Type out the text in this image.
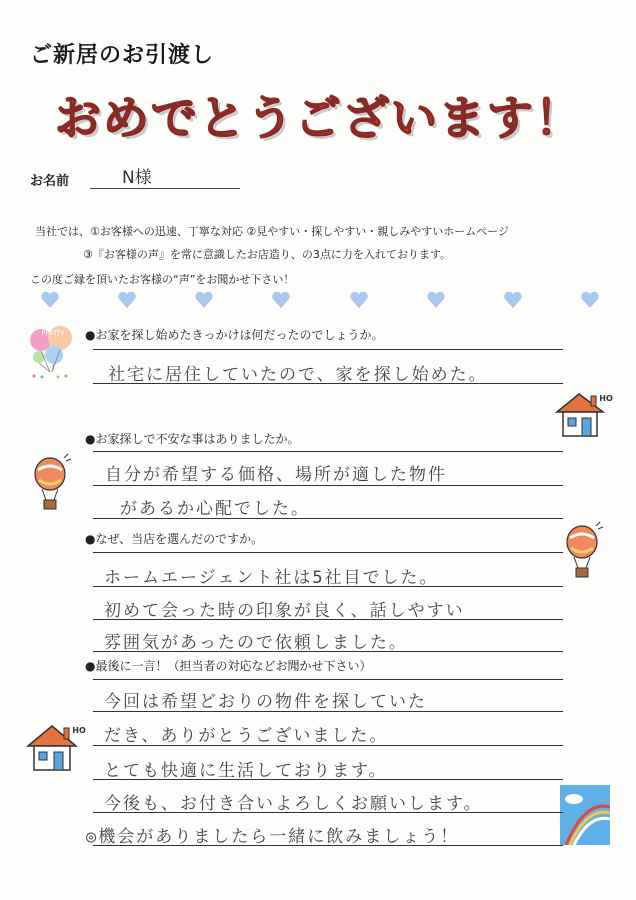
ご新居のお引渡し
おめでとうございます！
お名前	N様
当社では、①お客様への迅速、丁寧な対応 ②見やすい・探しやすい・親しみやすいホームページ
③『お客様の声』を常に意識したお店造り、の3点に力を入れております。
この度ご縁を頂いたお客様の“声”をお聞かせ下さい！
PRETTY
HO
HO
●お家を探し始めたきっかけは何だったのでしょうか。
社宅に居住していたので、家を探し始めた。
●お家探しで不安な事はありましたか。
自分が希望する価格、場所が適した物件
があるか心配でした。
●なぜ、当店を選んだのですか。
ホームエージェント社は5社目でした。
初めて会った時の印象が良く、話しやすい
雰囲気があったので依頼しました。
●最後に一言！（担当者の対応などお聞かせ下さい）
今回は希望どおりの物件を探していた
だき、ありがとうございました。
とても快適に生活しております。
今後も、お付き合いよろしくお願いします。
◎機会がありましたら一緒に飲みましょう！
